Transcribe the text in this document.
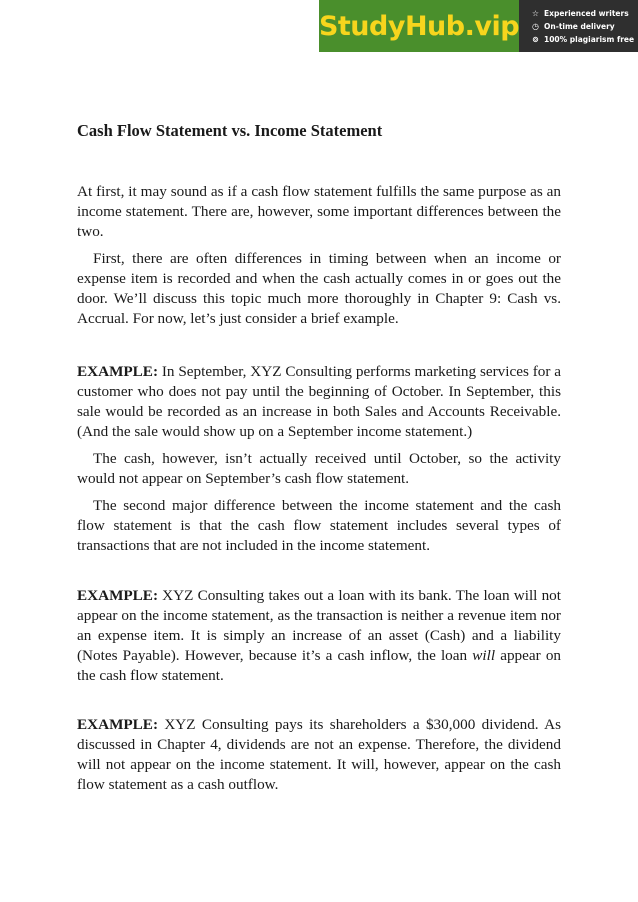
StudyHub.vip ☆ Experienced writers
◷ On-time delivery
⊚ 100% plagiarism free
Cash Flow Statement vs. Income Statement

At first, it may sound as if a cash flow statement fulfills the same purpose as an income statement. There are, however, some important differences between the two.

First, there are often differences in timing between when an income or expense item is recorded and when the cash actually comes in or goes out the door. We’ll discuss this topic much more thoroughly in Chapter 9: Cash vs. Accrual. For now, let’s just consider a brief example.

EXAMPLE: In September, XYZ Consulting performs marketing services for a customer who does not pay until the beginning of October. In September, this sale would be recorded as an increase in both Sales and Accounts Receivable. (And the sale would show up on a September income statement.)

The cash, however, isn’t actually received until October, so the activity would not appear on September’s cash flow statement.

The second major difference between the income statement and the cash flow statement is that the cash flow statement includes several types of transactions that are not included in the income statement.

EXAMPLE: XYZ Consulting takes out a loan with its bank. The loan will not appear on the income statement, as the transaction is neither a revenue item nor an expense item. It is simply an increase of an asset (Cash) and a liability (Notes Payable). However, because it’s a cash inflow, the loan will appear on the cash flow statement.

EXAMPLE: XYZ Consulting pays its shareholders a $30,000 dividend. As discussed in Chapter 4, dividends are not an expense. Therefore, the dividend will not appear on the income statement. It will, however, appear on the cash flow statement as a cash outflow.
